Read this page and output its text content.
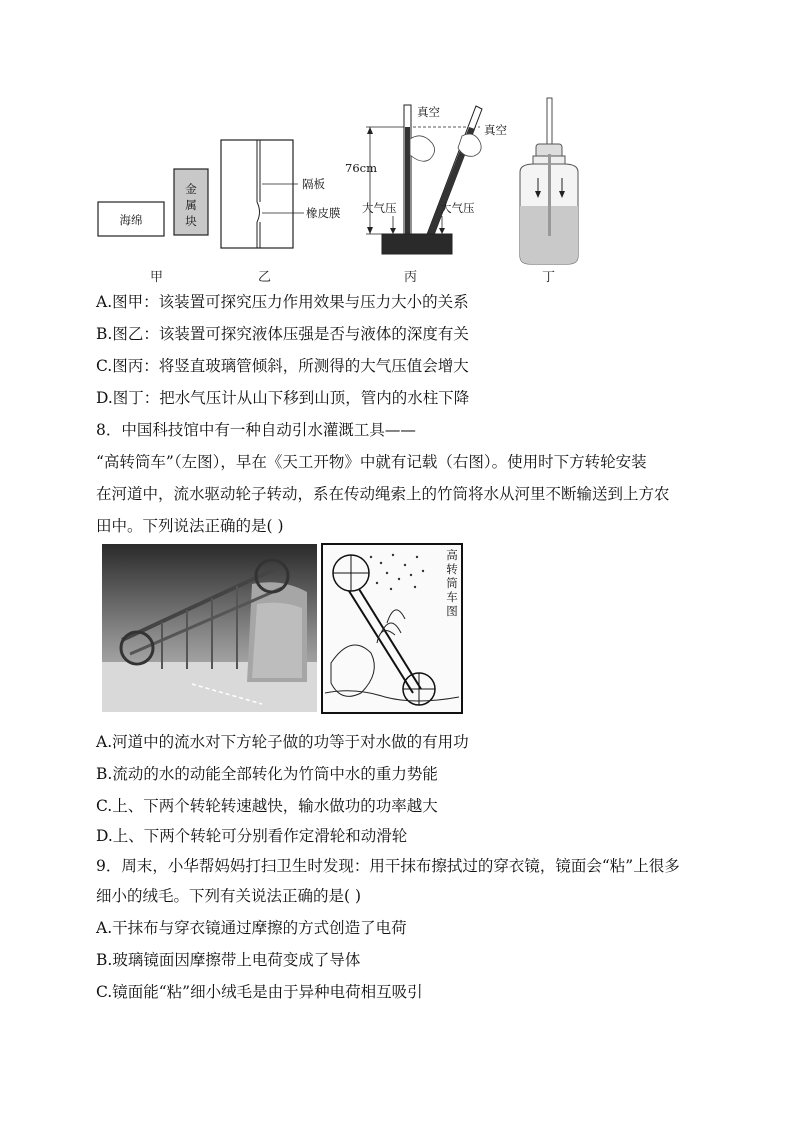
海绵
金
属
块
隔板
橡皮膜
76cm
真空
真空
大气压	大气压
甲	乙	丙	丁
A.图甲：该装置可探究压力作用效果与压力大小的关系
B.图乙：该装置可探究液体压强是否与液体的深度有关
C.图丙：将竖直玻璃管倾斜，所测得的大气压值会增大
D.图丁：把水气压计从山下移到山顶，管内的水柱下降
8．中国科技馆中有一种自动引水灌溉工具——
“高转筒车”（左图），早在《天工开物》中就有记载（右图）。使用时下方转轮安装
在河道中，流水驱动轮子转动，系在传动绳索上的竹筒将水从河里不断输送到上方农
田中。下列说法正确的是( )
高
转
筒
车
图
A.河道中的流水对下方轮子做的功等于对水做的有用功
B.流动的水的动能全部转化为竹筒中水的重力势能
C.上、下两个转轮转速越快，输水做功的功率越大
D.上、下两个转轮可分别看作定滑轮和动滑轮
9．周末，小华帮妈妈打扫卫生时发现：用干抹布擦拭过的穿衣镜，镜面会“粘”上很多
细小的绒毛。下列有关说法正确的是( )
A.干抹布与穿衣镜通过摩擦的方式创造了电荷
B.玻璃镜面因摩擦带上电荷变成了导体
C.镜面能“粘”细小绒毛是由于异种电荷相互吸引
